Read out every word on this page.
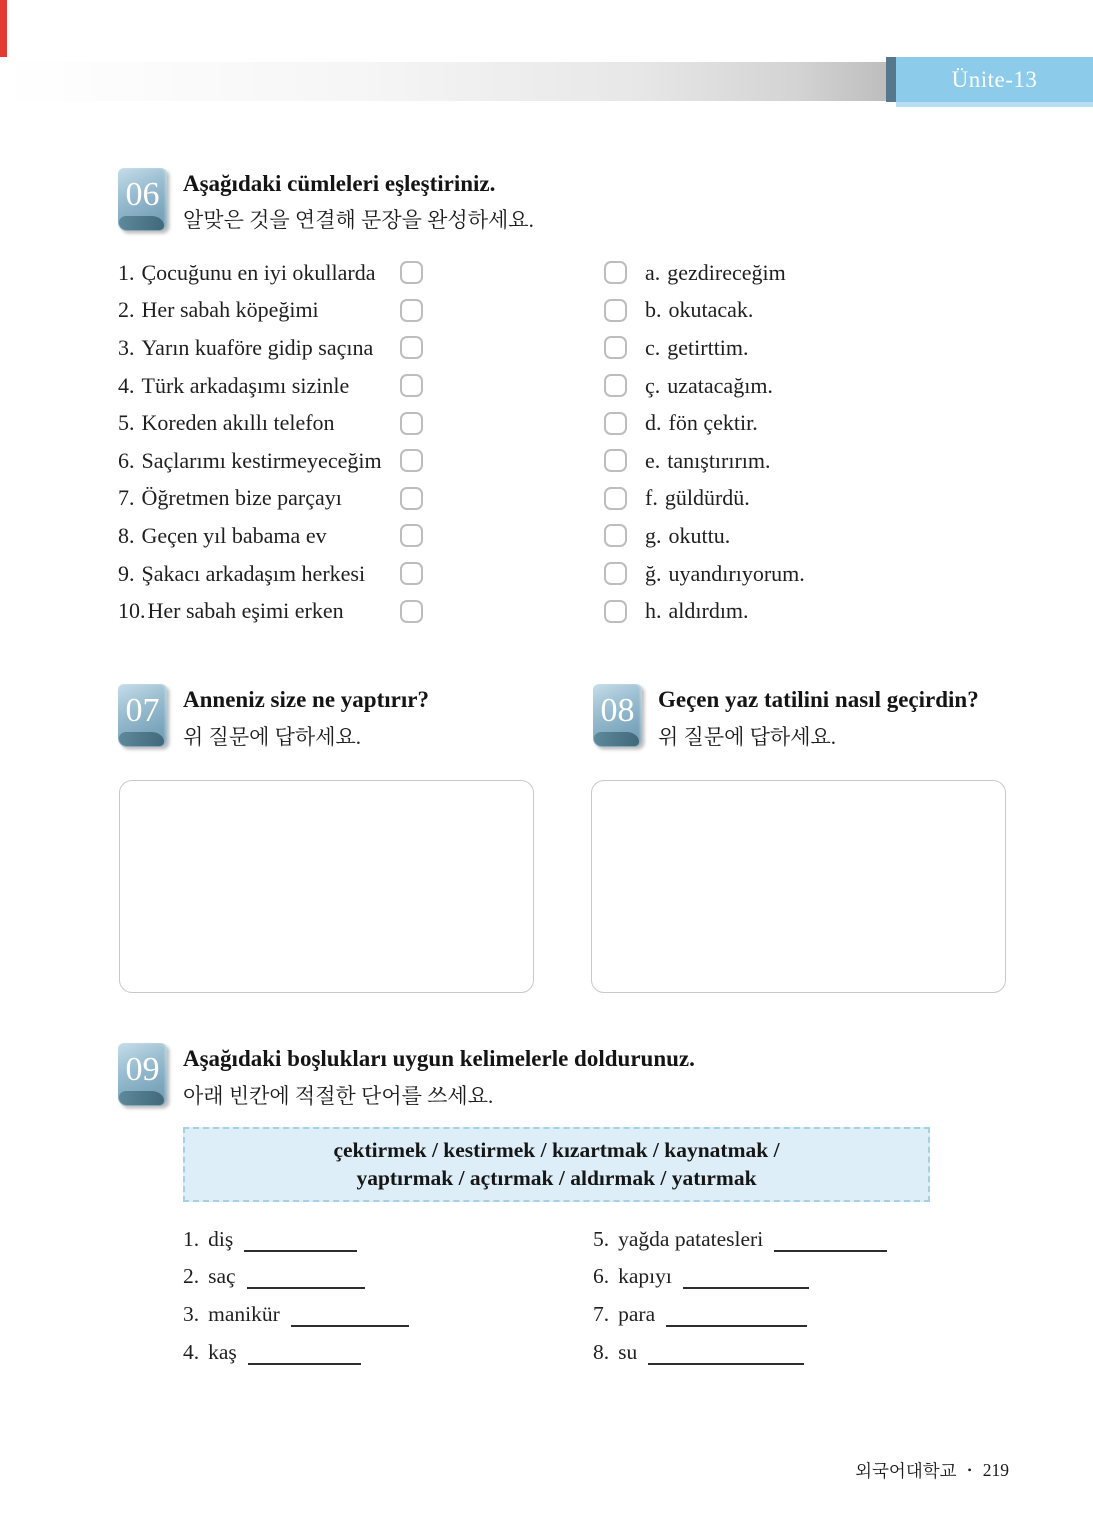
Ünite-13
06	Aşağıdaki cümleleri eşleştiriniz.
알맞은 것을 연결해 문장을 완성하세요.
1. Çocuğunu en iyi okullarda	a. gezdireceğim
2. Her sabah köpeğimi	b. okutacak.
3. Yarın kuaföre gidip saçına	c. getirttim.
4. Türk arkadaşımı sizinle	ç. uzatacağım.
5. Koreden akıllı telefon	d. fön çektir.
6. Saçlarımı kestirmeyeceğim	e. tanıştırırım.
7. Öğretmen bize parçayı	f. güldürdü.
8. Geçen yıl babama ev	g. okuttu.
9. Şakacı arkadaşım herkesi	ğ. uyandırıyorum.
10.Her sabah eşimi erken	h. aldırdım.
07	Anneniz size ne yaptırır?
위 질문에 답하세요.
08	Geçen yaz tatilini nasıl geçirdin?
위 질문에 답하세요.
09	Aşağıdaki boşlukları uygun kelimelerle doldurunuz.
아래 빈칸에 적절한 단어를 쓰세요.
çektirmek / kestirmek / kızartmak / kaynatmak /
yaptırmak / açtırmak / aldırmak / yatırmak
1. diş
2. saç
3. manikür
4. kaş
5. yağda patatesleri
6. kapıyı
7. para
8. su
외국어대학교 • 219
